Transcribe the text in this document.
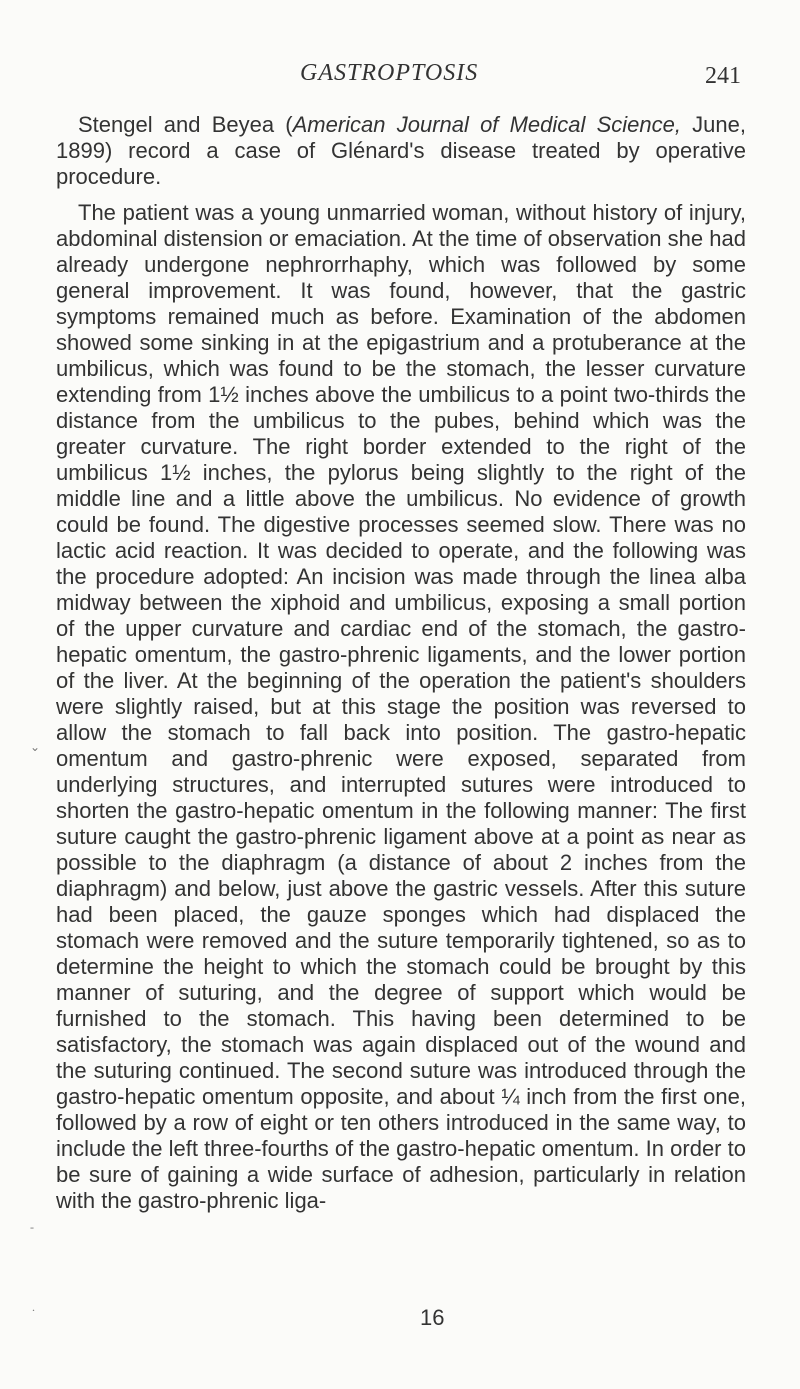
GASTROPTOSIS	241

Stengel and Beyea (American Journal of Medical Science, June, 1899) record a case of Glénard's disease treated by operative procedure.

The patient was a young unmarried woman, without history of injury, abdominal distension or emaciation. At the time of observation she had already undergone nephrorrhaphy, which was followed by some general improvement. It was found, however, that the gastric symptoms remained much as before. Examination of the abdomen showed some sinking in at the epigastrium and a protuberance at the umbilicus, which was found to be the stomach, the lesser curvature extending from 1½ inches above the umbilicus to a point two-thirds the distance from the umbilicus to the pubes, behind which was the greater curvature. The right border extended to the right of the umbilicus 1½ inches, the pylorus being slightly to the right of the middle line and a little above the umbilicus. No evidence of growth could be found. The digestive processes seemed slow. There was no lactic acid reaction. It was decided to operate, and the following was the procedure adopted: An incision was made through the linea alba midway between the xiphoid and umbilicus, exposing a small portion of the upper curvature and cardiac end of the stomach, the gastro-hepatic omentum, the gastro-phrenic ligaments, and the lower portion of the liver. At the beginning of the operation the patient's shoulders were slightly raised, but at this stage the position was reversed to allow the stomach to fall back into position. The gastro-hepatic omentum and gastro-phrenic were exposed, separated from underlying structures, and interrupted sutures were introduced to shorten the gastro-hepatic omentum in the following manner: The first suture caught the gastro-phrenic ligament above at a point as near as possible to the diaphragm (a distance of about 2 inches from the diaphragm) and below, just above the gastric vessels. After this suture had been placed, the gauze sponges which had displaced the stomach were removed and the suture temporarily tightened, so as to determine the height to which the stomach could be brought by this manner of suturing, and the degree of support which would be furnished to the stomach. This having been determined to be satisfactory, the stomach was again displaced out of the wound and the suturing continued. The second suture was introduced through the gastro-hepatic omentum opposite, and about ¼ inch from the first one, followed by a row of eight or ten others introduced in the same way, to include the left three-fourths of the gastro-hepatic omentum. In order to be sure of gaining a wide surface of adhesion, particularly in relation with the gastro-phrenic liga-

16
⌄
-
.
